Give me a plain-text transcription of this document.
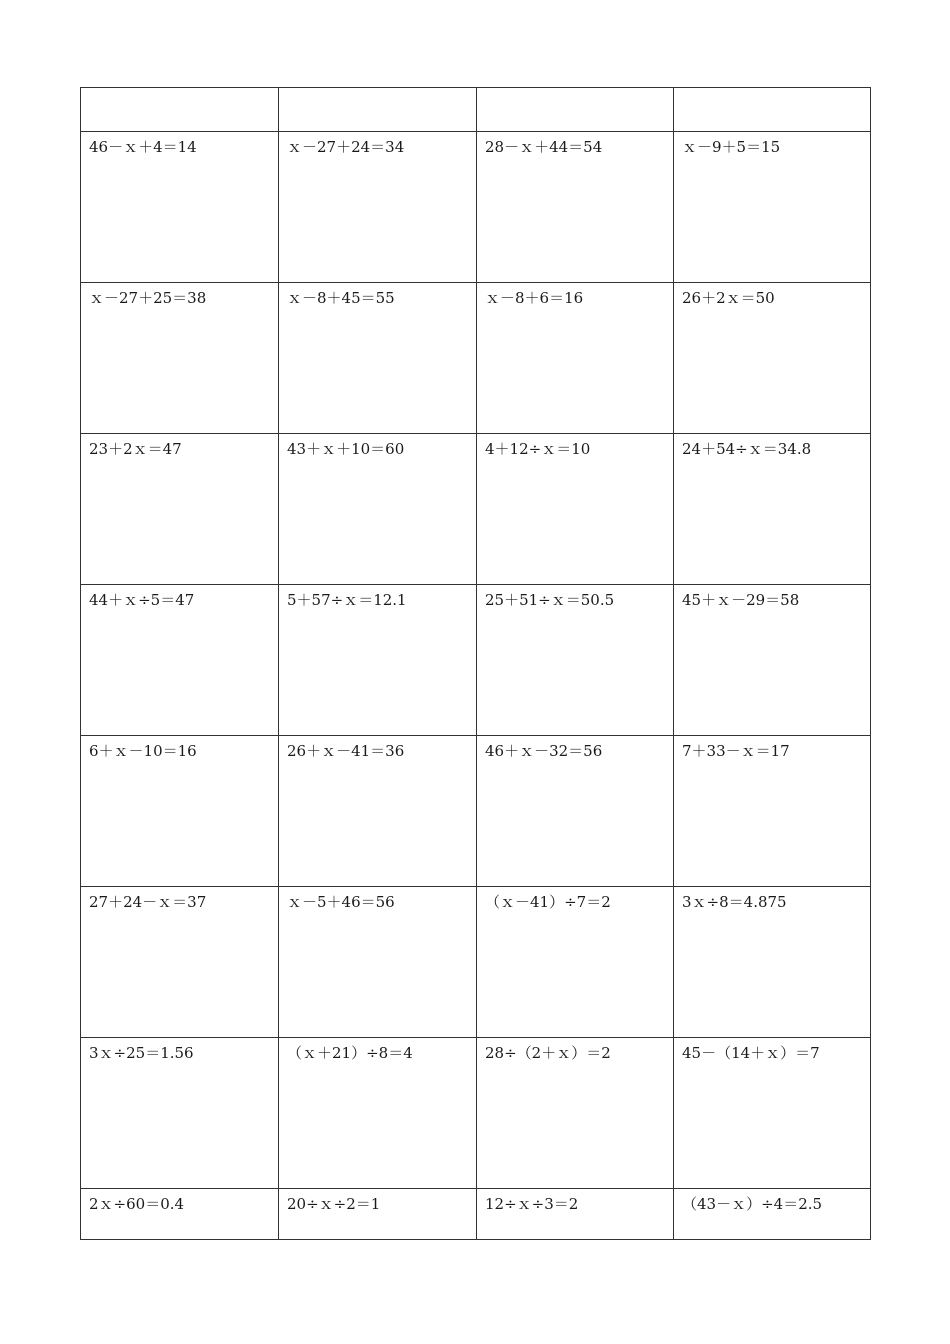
46－ｘ＋4＝14	ｘ－27＋24＝34	28－ｘ＋44＝54	ｘ－9＋5＝15
ｘ－27＋25＝38	ｘ－8＋45＝55	ｘ－8＋6＝16	26＋2ｘ＝50
23＋2ｘ＝47	43＋ｘ＋10＝60	4＋12÷ｘ＝10	24＋54÷ｘ＝34.8
44＋ｘ÷5＝47	5＋57÷ｘ＝12.1	25＋51÷ｘ＝50.5	45＋ｘ－29＝58
6＋ｘ－10＝16	26＋ｘ－41＝36	46＋ｘ－32＝56	7＋33－ｘ＝17
27＋24－ｘ＝37	ｘ－5＋46＝56	（ｘ－41）÷7＝2	3ｘ÷8＝4.875
3ｘ÷25＝1.56	（ｘ＋21）÷8＝4	28÷（2＋ｘ）＝2	45－（14＋ｘ）＝7
2ｘ÷60＝0.4	20÷ｘ÷2＝1	12÷ｘ÷3＝2	（43－ｘ）÷4＝2.5
